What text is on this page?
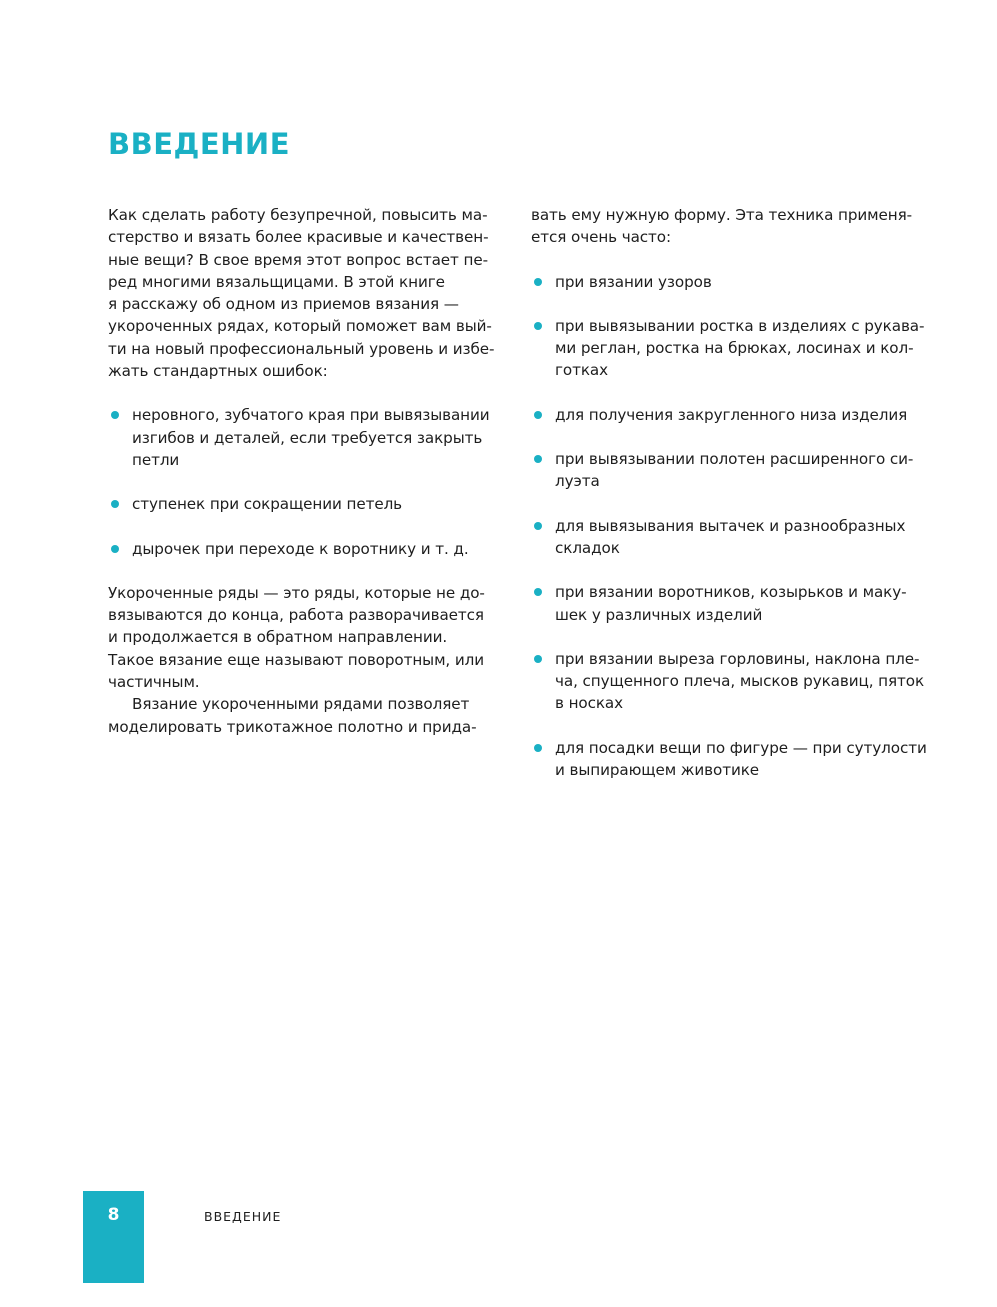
ВВЕДЕНИЕ
Как сделать работу безупречной, повысить ма-
стерство и вязать более красивые и качествен-
ные вещи? В свое время этот вопрос встает пе-
ред многими вязальщицами. В этой книге
я расскажу об одном из приемов вязания —
укороченных рядах, который поможет вам вый-
ти на новый профессиональный уровень и избе-
жать стандартных ошибок:
неровного, зубчатого края при вывязывании
изгибов и деталей, если требуется закрыть
петли
ступенек при сокращении петель
дырочек при переходе к воротнику и т. д.
Укороченные ряды — это ряды, которые не до-
вязываются до конца, работа разворачивается
и продолжается в обратном направлении.
Такое вязание еще называют поворотным, или
частичным.
Вязание укороченными рядами позволяет
моделировать трикотажное полотно и прида-
вать ему нужную форму. Эта техника применя-
ется очень часто:
при вязании узоров
при вывязывании ростка в изделиях с рукава-
ми реглан, ростка на брюках, лосинах и кол-
готках
для получения закругленного низа изделия
при вывязывании полотен расширенного си-
луэта
для вывязывания вытачек и разнообразных
складок
при вязании воротников, козырьков и маку-
шек у различных изделий
при вязании выреза горловины, наклона пле-
ча, спущенного плеча, мысков рукавиц, пяток
в носках
для посадки вещи по фигуре — при сутулости
и выпирающем животике
8	ВВЕДЕНИЕ
